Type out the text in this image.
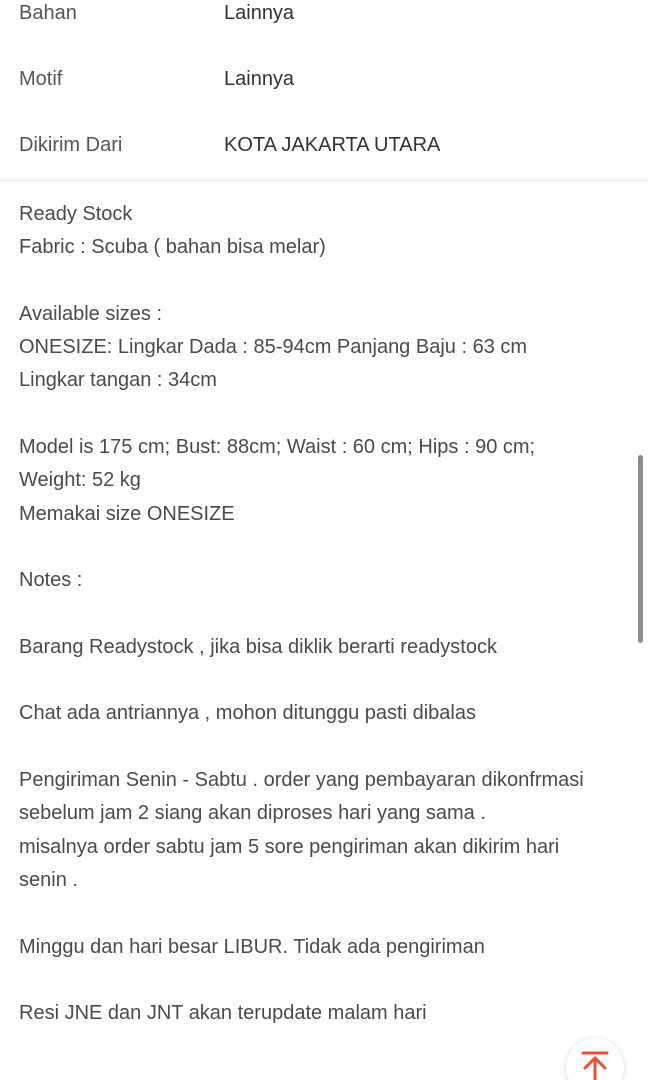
Bahan	Lainnya
Motif	Lainnya
Dikirim Dari	KOTA JAKARTA UTARA
Ready Stock
Fabric : Scuba ( bahan bisa melar)
Available sizes :
ONESIZE: Lingkar Dada : 85-94cm Panjang Baju : 63 cm
Lingkar tangan : 34cm
Model is 175 cm; Bust: 88cm; Waist : 60 cm; Hips : 90 cm;
Weight: 52 kg
Memakai size ONESIZE
Notes :
Barang Readystock , jika bisa diklik berarti readystock
Chat ada antriannya , mohon ditunggu pasti dibalas
Pengiriman Senin - Sabtu . order yang pembayaran dikonfrmasi
sebelum jam 2 siang akan diproses hari yang sama .
misalnya order sabtu jam 5 sore pengiriman akan dikirim hari
senin .
Minggu dan hari besar LIBUR. Tidak ada pengiriman
Resi JNE dan JNT akan terupdate malam hari
